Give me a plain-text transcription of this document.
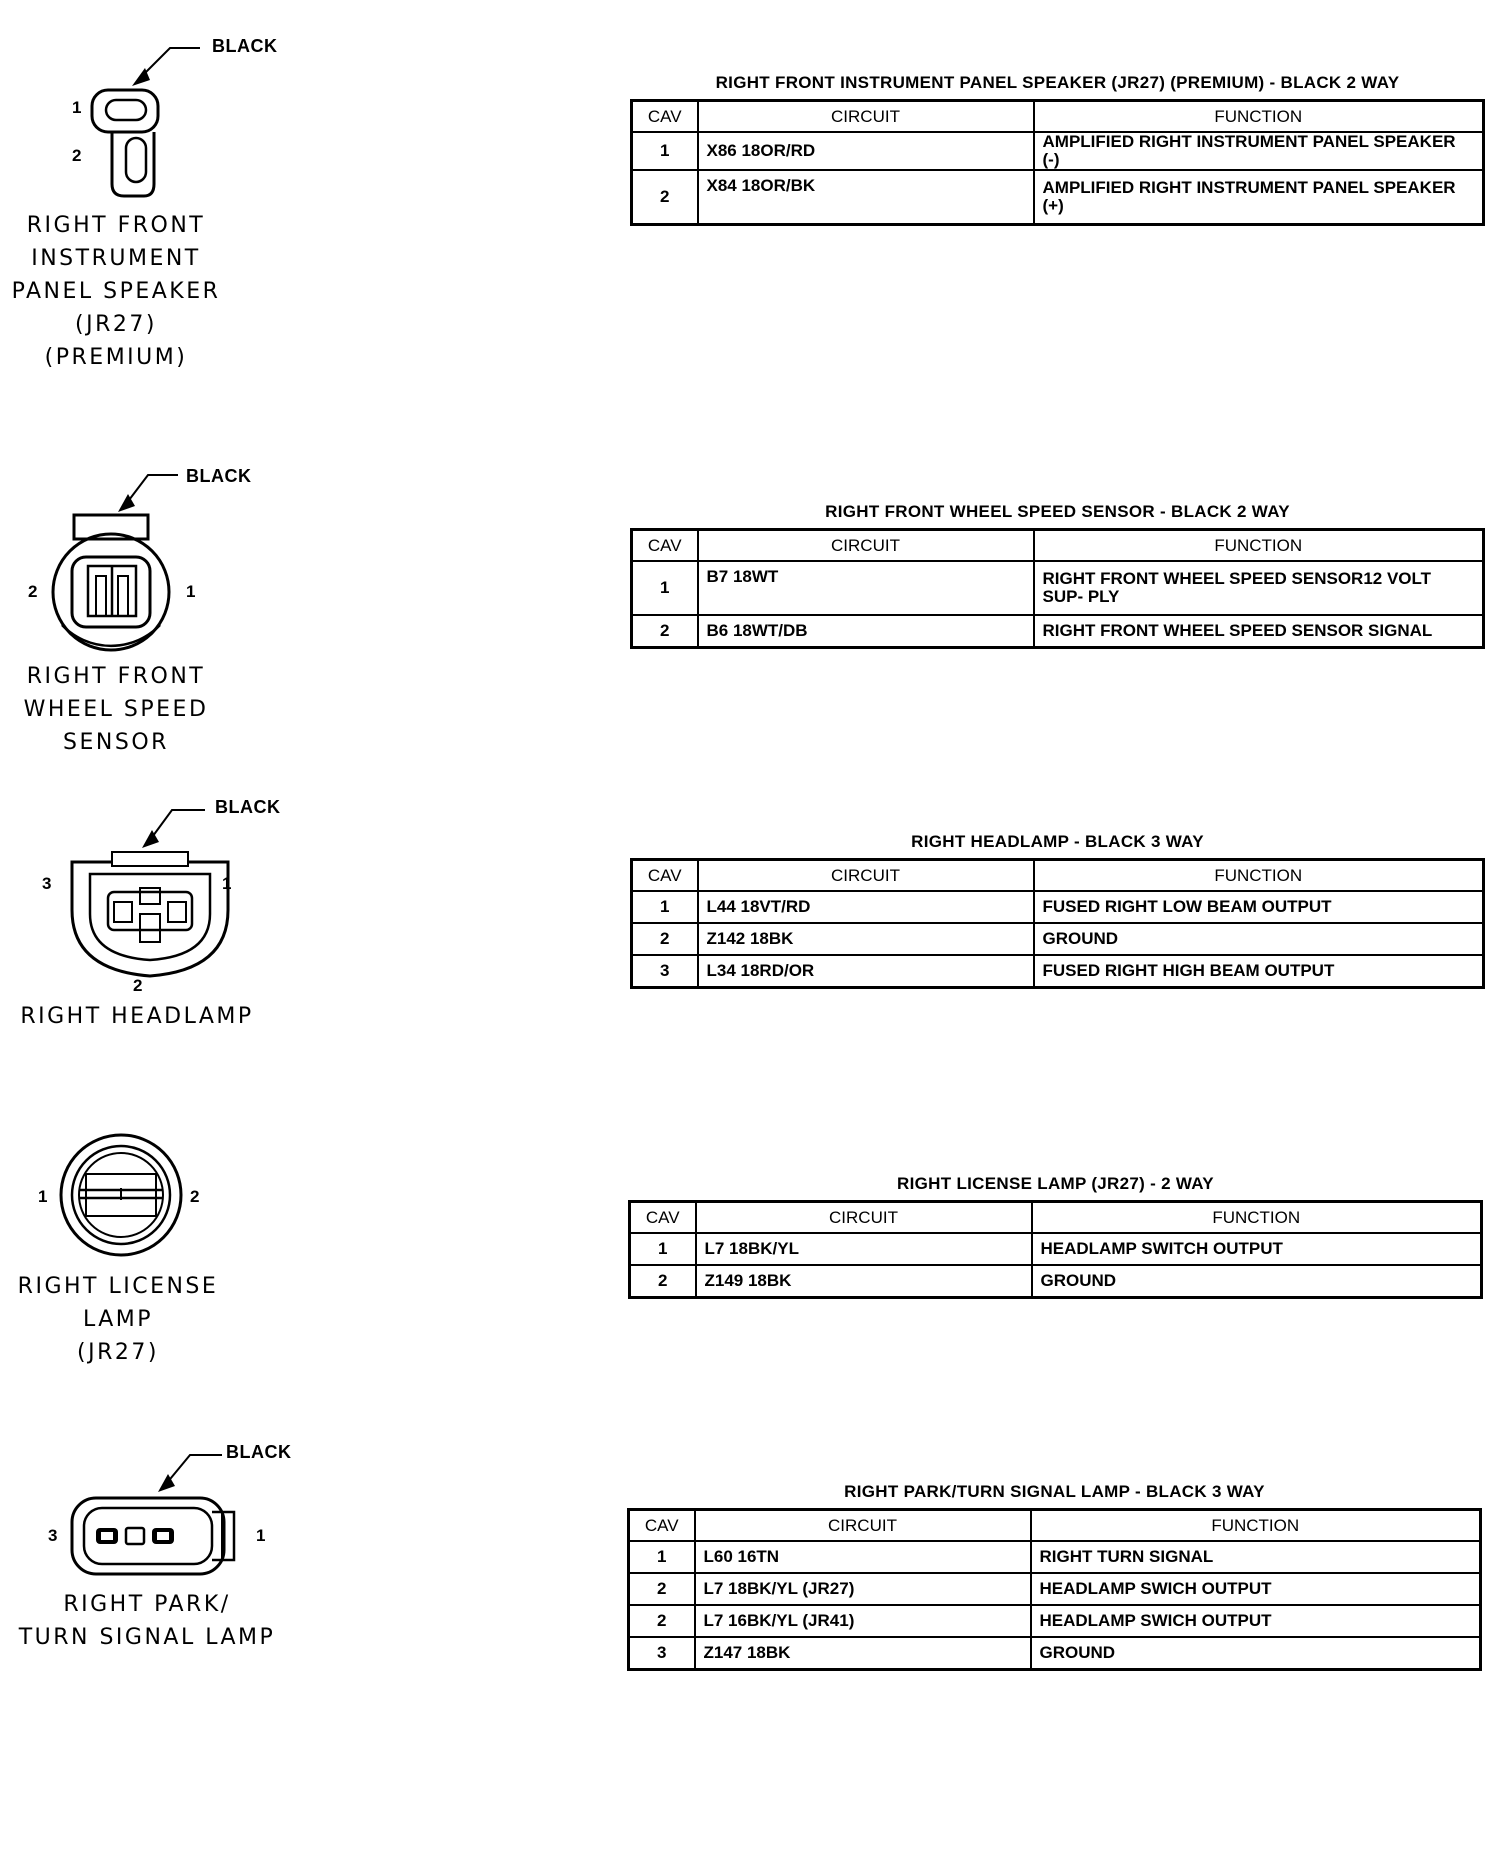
BLACK
1
2
RIGHT FRONT
INSTRUMENT
PANEL SPEAKER
(JR27)
(PREMIUM)
RIGHT FRONT INSTRUMENT PANEL SPEAKER (JR27) (PREMIUM) - BLACK 2 WAY
CAV	CIRCUIT	FUNCTION
1	X86 18OR/RD	AMPLIFIED RIGHT INSTRUMENT PANEL SPEAKER (-)
2	X84 18OR/BK	AMPLIFIED RIGHT INSTRUMENT PANEL SPEAKER (+)
BLACK
2	1
RIGHT FRONT
WHEEL SPEED
SENSOR
RIGHT FRONT WHEEL SPEED SENSOR - BLACK 2 WAY
CAV	CIRCUIT	FUNCTION
1	B7 18WT	RIGHT FRONT WHEEL SPEED SENSOR12 VOLT SUP- PLY
2	B6 18WT/DB	RIGHT FRONT WHEEL SPEED SENSOR SIGNAL
BLACK
3	1
2
RIGHT HEADLAMP
RIGHT HEADLAMP - BLACK 3 WAY
CAV	CIRCUIT	FUNCTION
1	L44 18VT/RD	FUSED RIGHT LOW BEAM OUTPUT
2	Z142 18BK	GROUND
3	L34 18RD/OR	FUSED RIGHT HIGH BEAM OUTPUT
1	2
RIGHT LICENSE
LAMP
(JR27)
RIGHT LICENSE LAMP (JR27) - 2 WAY
CAV	CIRCUIT	FUNCTION
1	L7 18BK/YL	HEADLAMP SWITCH OUTPUT
2	Z149 18BK	GROUND
BLACK
3	1
RIGHT PARK/
TURN SIGNAL LAMP
RIGHT PARK/TURN SIGNAL LAMP - BLACK 3 WAY
CAV	CIRCUIT	FUNCTION
1	L60 16TN	RIGHT TURN SIGNAL
2	L7 18BK/YL (JR27)	HEADLAMP SWICH OUTPUT
2	L7 16BK/YL (JR41)	HEADLAMP SWICH OUTPUT
3	Z147 18BK	GROUND
